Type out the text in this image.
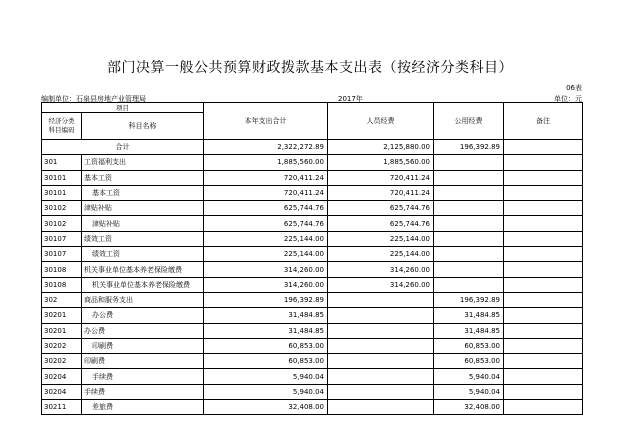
部门决算一般公共预算财政拨款基本支出表（按经济分类科目）
06表
编制单位：石泉县房地产业管理局	2017年	单位：元
项目		本年支出合计	人员经费	公用经费	备注
经济分类科目编码	科目名称				
合计		2,322,272.89	2,125,880.00	196,392.89	
301	工资福利支出	1,885,560.00	1,885,560.00		
30101	基本工资	720,411.24	720,411.24		
30101	基本工资	720,411.24	720,411.24		
30102	津贴补贴	625,744.76	625,744.76		
30102	津贴补贴	625,744.76	625,744.76		
30107	绩效工资	225,144.00	225,144.00		
30107	绩效工资	225,144.00	225,144.00		
30108	机关事业单位基本养老保险缴费	314,260.00	314,260.00		
30108	机关事业单位基本养老保险缴费	314,260.00	314,260.00		
302	商品和服务支出	196,392.89		196,392.89	
30201	办公费	31,484.85		31,484.85	
30201	办公费	31,484.85		31,484.85	
30202	印刷费	60,853.00		60,853.00	
30202	印刷费	60,853.00		60,853.00	
30204	手续费	5,940.04		5,940.04	
30204	手续费	5,940.04		5,940.04	
30211	差旅费	32,408.00		32,408.00	
